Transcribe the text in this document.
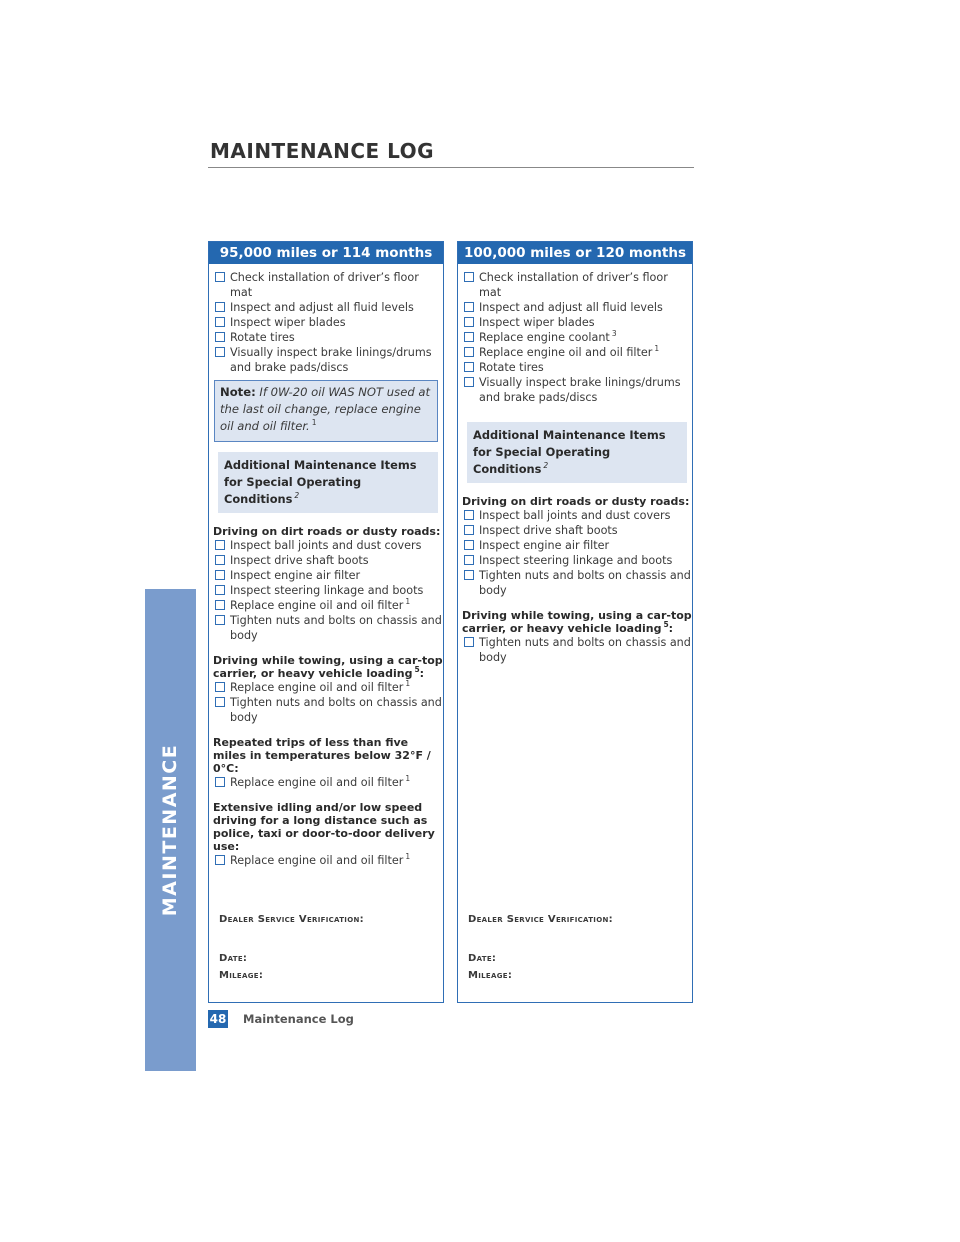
MAINTENANCE
MAINTENANCE LOG
95,000 miles or 114 months
Check installation of driver’s floor mat
Inspect and adjust all fluid levels
Inspect wiper blades
Rotate tires
Visually inspect brake linings/drums and brake pads/discs
Note: If 0W-20 oil WAS NOT used at the last oil change, replace engine oil and oil filter. $^1$
Additional Maintenance Items for Special Operating Conditions $^2$
Driving on dirt roads or dusty roads:
Inspect ball joints and dust covers
Inspect drive shaft boots
Inspect engine air filter
Inspect steering linkage and boots
Replace engine oil and oil filter $^1$
Tighten nuts and bolts on chassis and body
Driving while towing, using a car-top carrier, or heavy vehicle loading $^5$:
Replace engine oil and oil filter $^1$
Tighten nuts and bolts on chassis and body
Repeated trips of less than five miles in temperatures below 32°F / 0°C:
Replace engine oil and oil filter $^1$
Extensive idling and/or low speed driving for a long distance such as police, taxi or door-to-door delivery use:
Replace engine oil and oil filter $^1$
Dealer Service Verification:
Date:
Mileage:
100,000 miles or 120 months
Check installation of driver’s floor mat
Inspect and adjust all fluid levels
Inspect wiper blades
Replace engine coolant $^3$
Replace engine oil and oil filter $^1$
Rotate tires
Visually inspect brake linings/drums and brake pads/discs
Additional Maintenance Items for Special Operating Conditions $^2$
Driving on dirt roads or dusty roads:
Inspect ball joints and dust covers
Inspect drive shaft boots
Inspect engine air filter
Inspect steering linkage and boots
Tighten nuts and bolts on chassis and body
Driving while towing, using a car-top carrier, or heavy vehicle loading $^5$:
Tighten nuts and bolts on chassis and body
Dealer Service Verification:
Date:
Mileage:
48 Maintenance Log
